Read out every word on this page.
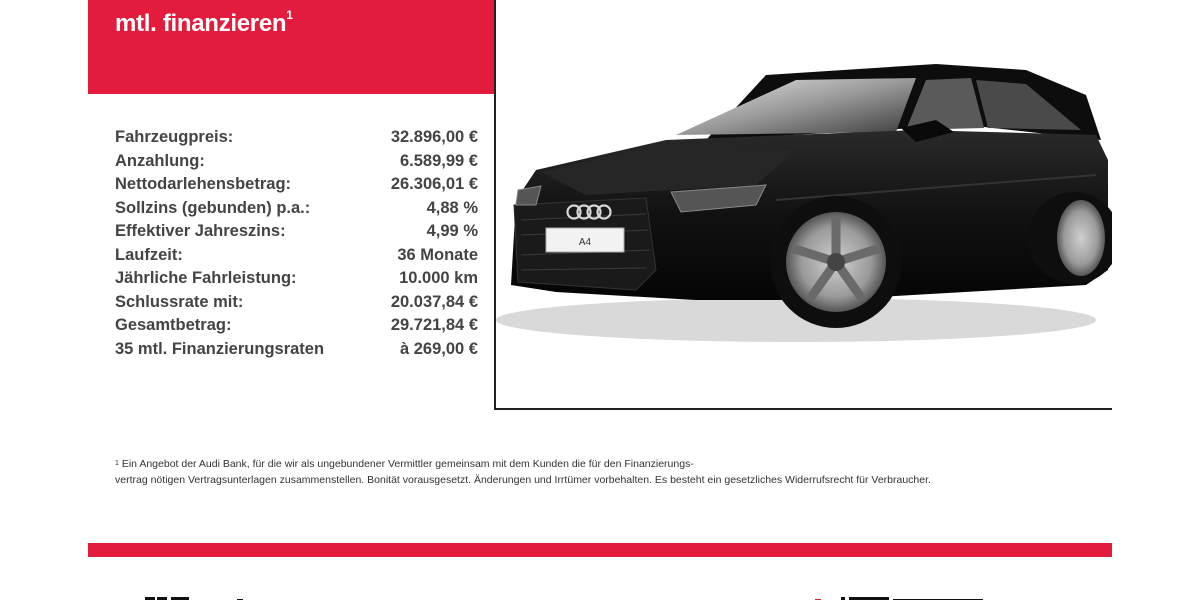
mtl. finanzieren$^1$
Fahrzeugpreis:	32.896,00 €
Anzahlung:	6.589,99 €
Nettodarlehensbetrag:	26.306,01 €
Sollzins (gebunden) p.a.:	4,88 %
Effektiver Jahreszins:	4,99 %
Laufzeit:	36 Monate
Jährliche Fahrleistung:	10.000 km
Schlussrate mit:	20.037,84 €
Gesamtbetrag:	29.721,84 €
35 mtl. Finanzierungsraten	à 269,00 €
A4
$^1$ Ein Angebot der Audi Bank, für die wir als ungebundener Vermittler gemeinsam mit dem Kunden die für den Finanzierungs-
vertrag nötigen Vertragsunterlagen zusammenstellen. Bonität vorausgesetzt. Änderungen und Irrtümer vorbehalten. Es besteht ein gesetzliches Widerrufsrecht für Verbraucher.
